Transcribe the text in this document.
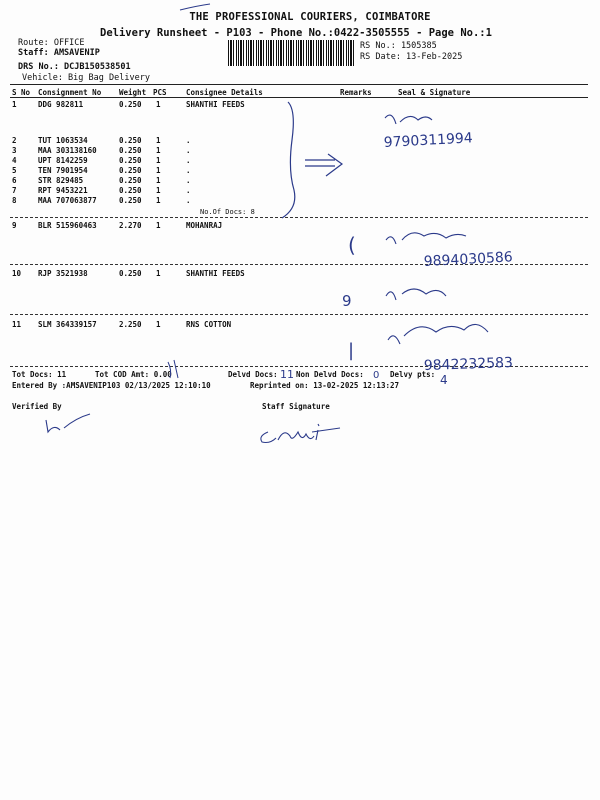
THE PROFESSIONAL COURIERS, COIMBATORE
Delivery Runsheet - P103 - Phone No.:0422-3505555 - Page No.:1
Route: OFFICE
Staff: AMSAVENIP
DRS No.: DCJB150538501
Vehicle: Big Bag Delivery
RS No.: 1505385
RS Date: 13-Feb-2025
S No Consignment No Weight PCS	Consignee Details	Remarks	Seal & Signature
1	DDG 982811	0.250 1	SHANTHI FEEDS
2	TUT 1063534	0.250 1	.
3	MAA 303138160	0.250 1	.
4	UPT 8142259	0.250 1	.
5	TEN 7901954	0.250 1	.
6	STR 829485	0.250 1	.
7	RPT 9453221	0.250 1	.
8	MAA 707063877	0.250 1	.
No.Of Docs: 8
9	BLR 515960463	2.270 1	MOHANRAJ
10 RJP 3521938	0.250 1	SHANTHI FEEDS
11 SLM 364339157	2.250 1	RNS COTTON
Tot Docs: 11	Tot COD Amt: 0.00	Delvd Docs: Non Delvd Docs:	Delvy pts:
Entered By :AMSAVENIP103 02/13/2025 12:10:10	Reprinted on: 13-02-2025 12:13:27
Verified By	Staff Signature
9790311994
(
9894030586
9
|
9842232583
11	0	4
